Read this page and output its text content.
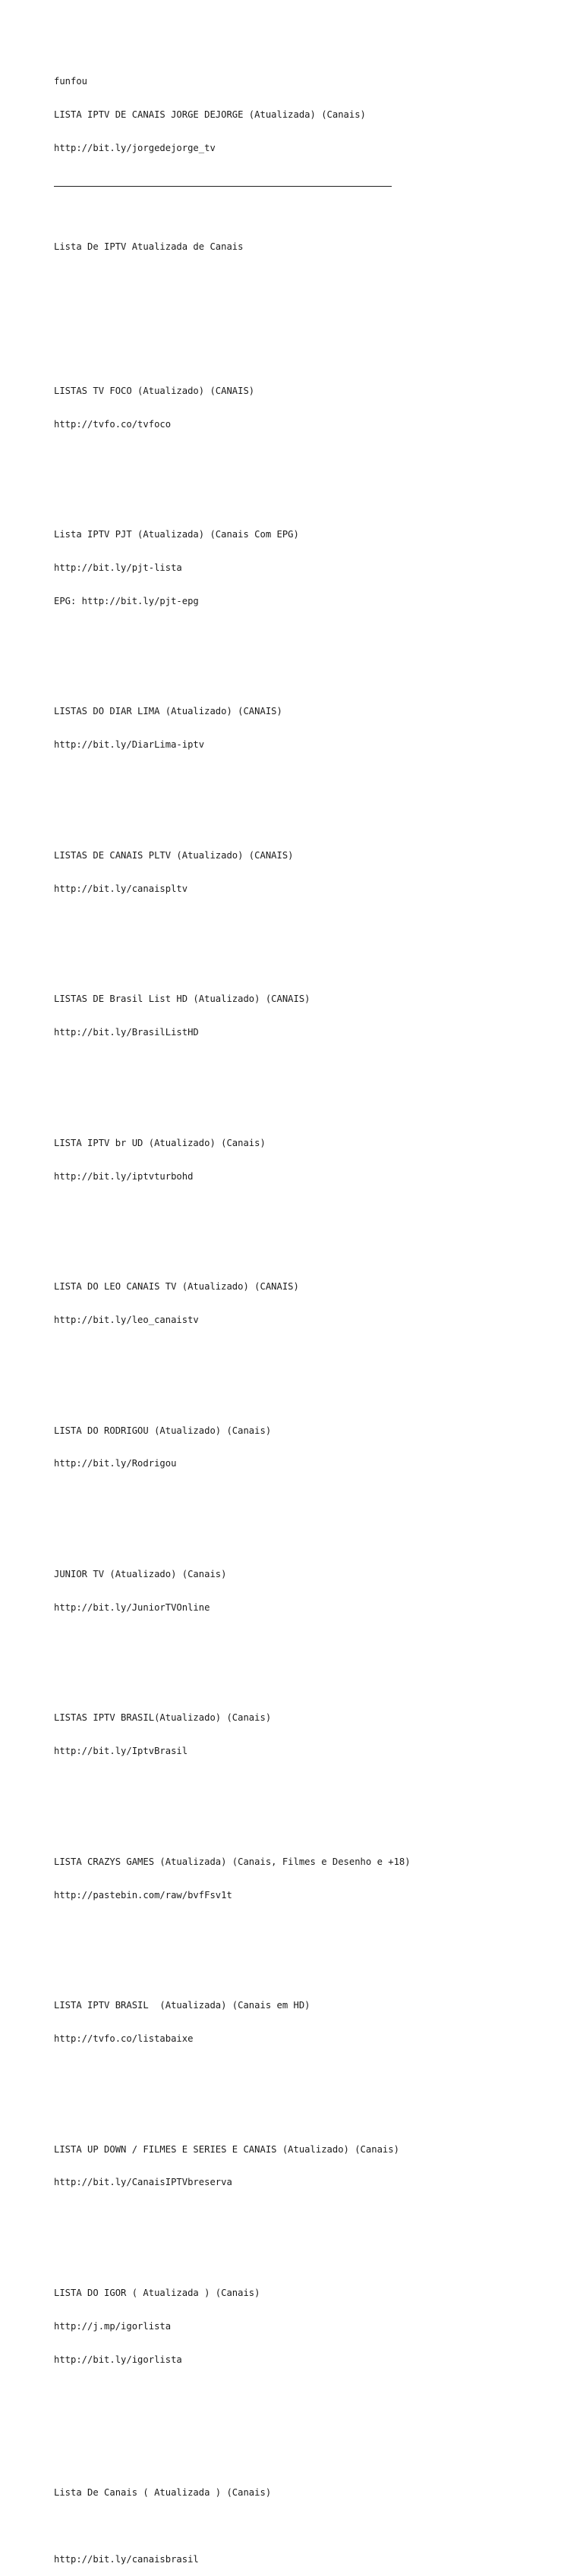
funfou

LISTA IPTV DE CANAIS JORGE DEJORGE (Atualizada) (Canais)

http://bit.ly/jorgedejorge_tv

Lista De IPTV Atualizada de Canais

LISTAS TV FOCO (Atualizado) (CANAIS)

http://tvfo.co/tvfoco

Lista IPTV PJT (Atualizada) (Canais Com EPG)

http://bit.ly/pjt-lista

EPG: http://bit.ly/pjt-epg

LISTAS DO DIAR LIMA (Atualizado) (CANAIS)

http://bit.ly/DiarLima-iptv

LISTAS DE CANAIS PLTV (Atualizado) (CANAIS)

http://bit.ly/canaispltv

LISTAS DE Brasil List HD (Atualizado) (CANAIS)

http://bit.ly/BrasilListHD

LISTA IPTV br UD (Atualizado) (Canais)

http://bit.ly/iptvturbohd

LISTA DO LEO CANAIS TV (Atualizado) (CANAIS)

http://bit.ly/leo_canaistv

LISTA DO RODRIGOU (Atualizado) (Canais)

http://bit.ly/Rodrigou

JUNIOR TV (Atualizado) (Canais)

http://bit.ly/JuniorTVOnline

LISTAS IPTV BRASIL(Atualizado) (Canais)

http://bit.ly/IptvBrasil

LISTA CRAZYS GAMES (Atualizada) (Canais, Filmes e Desenho e +18)

http://pastebin.com/raw/bvfFsv1t

LISTA IPTV BRASIL  (Atualizada) (Canais em HD)

http://tvfo.co/listabaixe

LISTA UP DOWN / FILMES E SERIES E CANAIS (Atualizado) (Canais)

http://bit.ly/CanaisIPTVbreserva

LISTA DO IGOR ( Atualizada ) (Canais)

http://j.mp/igorlista

http://bit.ly/igorlista

Lista De Canais ( Atualizada ) (Canais)

http://bit.ly/canaisbrasil
